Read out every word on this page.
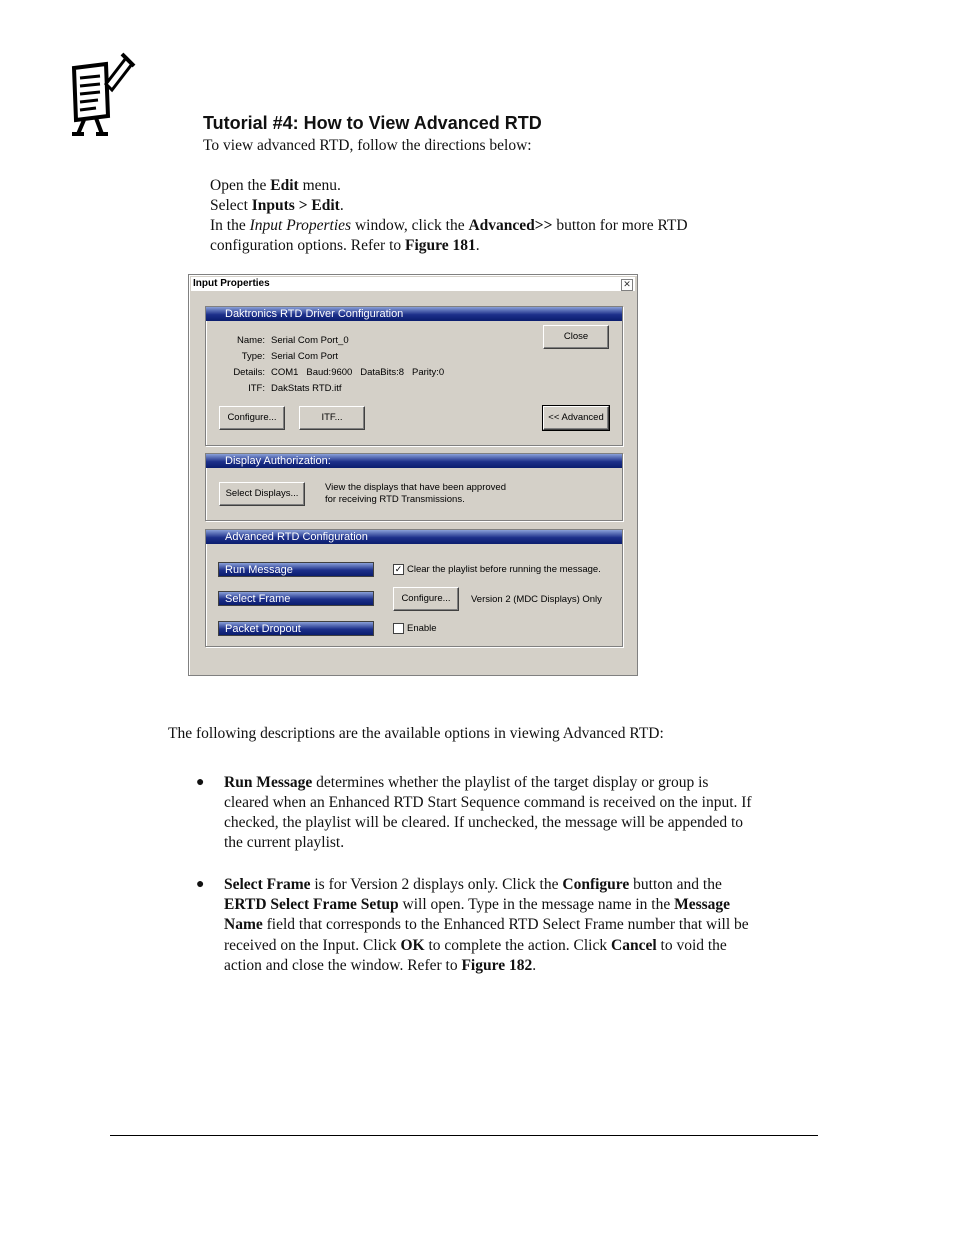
Tutorial #4: How to View Advanced RTD
To view advanced RTD, follow the directions below:
Open the Edit menu.
Select Inputs > Edit.
In the Input Properties window, click the Advanced>> button for more RTD
configuration options. Refer to Figure 181.
Input Properties	✕
Daktronics RTD Driver Configuration
Name: Serial Com Port_0
Type: Serial Com Port
Details: COM1   Baud:9600   DataBits:8   Parity:0
ITF: DakStats RTD.itf
Close
Configure...	ITF...	<< Advanced
Display Authorization:
Select Displays...
View the displays that have been approved
for receiving RTD Transmissions.
Advanced RTD Configuration
Run Message
Select Frame
Packet Dropout
✓ Clear the playlist before running the message.
Configure...	Version 2 (MDC Displays) Only
Enable
The following descriptions are the available options in viewing Advanced RTD:
● Run Message determines whether the playlist of the target display or group is
cleared when an Enhanced RTD Start Sequence command is received on the input. If
checked, the playlist will be cleared. If unchecked, the message will be appended to
the current playlist.
● Select Frame is for Version 2 displays only. Click the Configure button and the
ERTD Select Frame Setup will open. Type in the message name in the Message
Name field that corresponds to the Enhanced RTD Select Frame number that will be
received on the Input. Click OK to complete the action. Click Cancel to void the
action and close the window. Refer to Figure 182.
